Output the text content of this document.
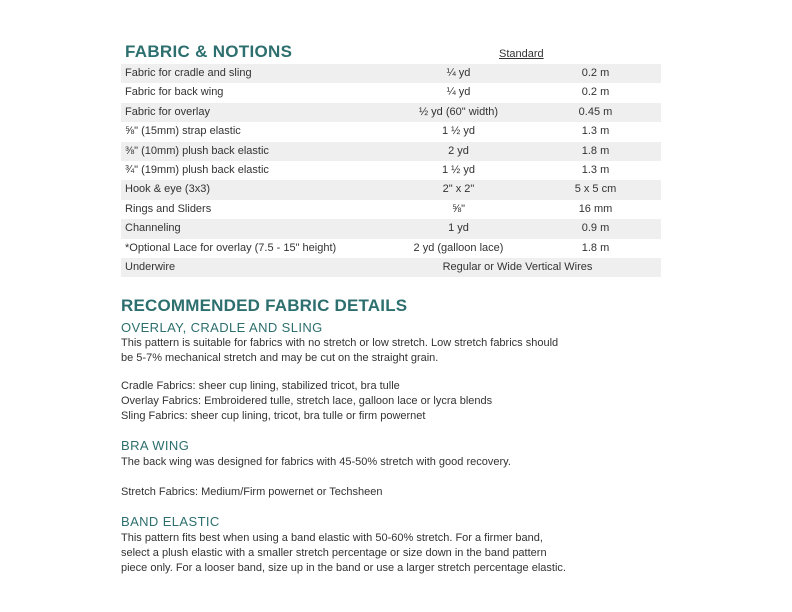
FABRIC & NOTIONS	Standard
Fabric for cradle and sling	¼ yd	0.2 m
Fabric for back wing	¼ yd	0.2 m
Fabric for overlay	½ yd (60" width)	0.45 m
⅝" (15mm) strap elastic	1 ½ yd	1.3 m
⅜" (10mm) plush back elastic	2 yd	1.8 m
¾" (19mm) plush back elastic	1 ½ yd	1.3 m
Hook & eye (3x3)	2" x 2"	5 x 5 cm
Rings and Sliders	⅝"	16 mm
Channeling	1 yd	0.9 m
*Optional Lace for overlay (7.5 - 15" height)	2 yd (galloon lace)	1.8 m
Underwire	Regular or Wide Vertical Wires
RECOMMENDED FABRIC DETAILS
OVERLAY, CRADLE AND SLING
This pattern is suitable for fabrics with no stretch or low stretch. Low stretch fabrics should
be 5-7% mechanical stretch and may be cut on the straight grain.
Cradle Fabrics: sheer cup lining, stabilized tricot, bra tulle
Overlay Fabrics: Embroidered tulle, stretch lace, galloon lace or lycra blends
Sling Fabrics: sheer cup lining, tricot, bra tulle or firm powernet
BRA WING
The back wing was designed for fabrics with 45-50% stretch with good recovery.
Stretch Fabrics: Medium/Firm powernet or Techsheen
BAND ELASTIC
This pattern fits best when using a band elastic with 50-60% stretch. For a firmer band,
select a plush elastic with a smaller stretch percentage or size down in the band pattern
piece only. For a looser band, size up in the band or use a larger stretch percentage elastic.
